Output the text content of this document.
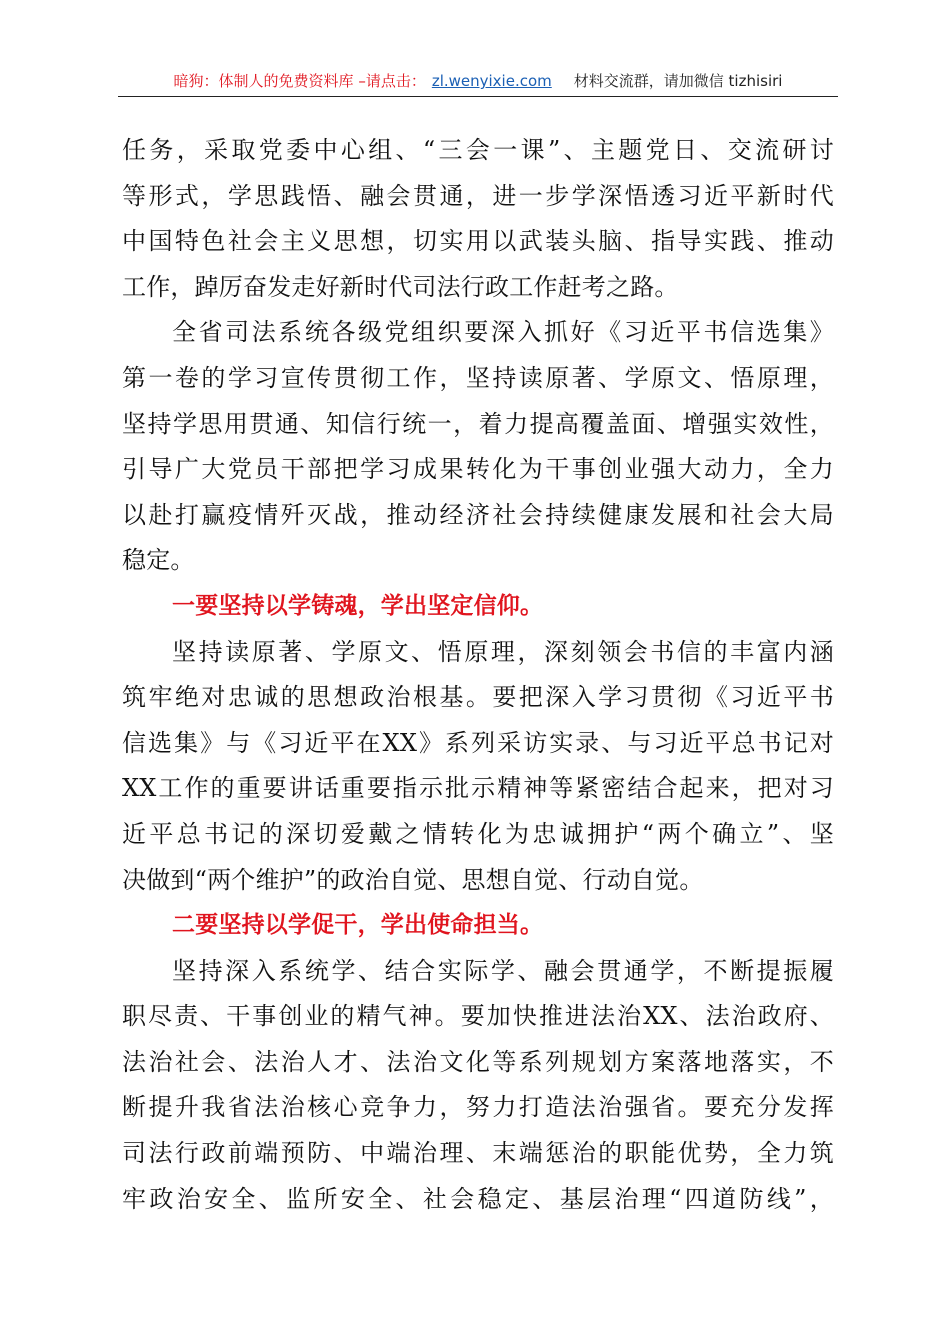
暗狗：体制人的免费资料库 –请点击： zl.wenyixie.com 材料交流群，请加微信 tizhisiri
任务，采取党委中心组、“三会一课”、主题党日、交流研讨
等形式，学思践悟、融会贯通，进一步学深悟透习近平新时代
中国特色社会主义思想，切实用以武装头脑、指导实践、推动
工作，踔厉奋发走好新时代司法行政工作赶考之路。
全省司法系统各级党组织要深入抓好《习近平书信选集》
第一卷的学习宣传贯彻工作，坚持读原著、学原文、悟原理，
坚持学思用贯通、知信行统一，着力提高覆盖面、增强实效性，
引导广大党员干部把学习成果转化为干事创业强大动力，全力
以赴打赢疫情歼灭战，推动经济社会持续健康发展和社会大局
稳定。
一要坚持以学铸魂，学出坚定信仰。
坚持读原著、学原文、悟原理，深刻领会书信的丰富内涵
筑牢绝对忠诚的思想政治根基。要把深入学习贯彻《习近平书
信选集》与《习近平在XX》系列采访实录、与习近平总书记对
XX工作的重要讲话重要指示批示精神等紧密结合起来，把对习
近平总书记的深切爱戴之情转化为忠诚拥护“两个确立”、坚
决做到“两个维护”的政治自觉、思想自觉、行动自觉。
二要坚持以学促干，学出使命担当。
坚持深入系统学、结合实际学、融会贯通学，不断提振履
职尽责、干事创业的精气神。要加快推进法治XX、法治政府、
法治社会、法治人才、法治文化等系列规划方案落地落实，不
断提升我省法治核心竞争力，努力打造法治强省。要充分发挥
司法行政前端预防、中端治理、末端惩治的职能优势，全力筑
牢政治安全、监所安全、社会稳定、基层治理“四道防线”，
